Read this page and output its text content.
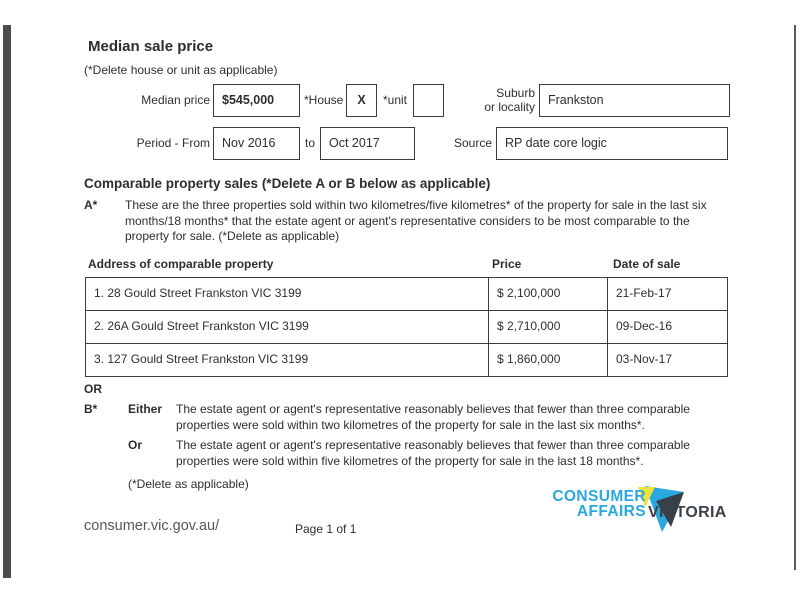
Median sale price
(*Delete house or unit as applicable)
Median price $545,000	*House	X	*unit	Suburb
or locality	Frankston
Period - From Nov 2016	to	Oct 2017	Source	RP date core logic
Comparable property sales (*Delete A or B below as applicable)
A* These are the three properties sold within two kilometres/five kilometres* of the property for sale in the last six months/18 months* that the estate agent or agent's representative considers to be most comparable to the property for sale. (*Delete as applicable)
Address of comparable property	Price	Date of sale
1. 28 Gould Street Frankston VIC 3199	$ 2,100,000	21-Feb-17
2. 26A Gould Street Frankston VIC 3199	$ 2,710,000	09-Dec-16
3. 127 Gould Street Frankston VIC 3199	$ 1,860,000	03-Nov-17
OR
B*	Either The estate agent or agent's representative reasonably believes that fewer than three comparable properties were sold within two kilometres of the property for sale in the last six months*.
Or	The estate agent or agent's representative reasonably believes that fewer than three comparable properties were sold within five kilometres of the property for sale in the last 18 months*.
(*Delete as applicable)
consumer.vic.gov.au/	Page 1 of 1
CONSUMER
AFFAIRS VICTORIA
